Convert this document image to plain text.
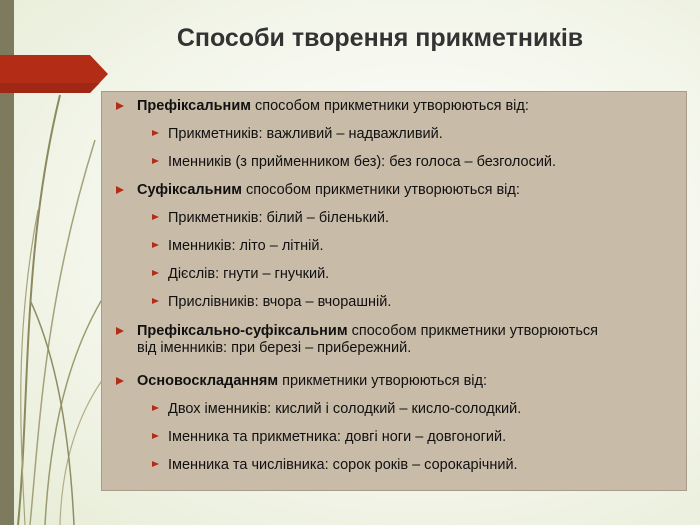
Способи творення прикметників
Префіксальним способом прикметники утворюються від:
Прикметників: важливий – надважливий.
Іменників (з прийменником без): без голоса – безголосий.
Суфіксальним способом прикметники утворюються від:
Прикметників: білий – біленький.
Іменників: літо – літній.
Дієслів: гнути – гнучкий.
Прислівників: вчора – вчорашній.
Префіксально-суфіксальним способом прикметники утворюються від іменників: при березі – прибережний.
Основоскладанням прикметники утворюються від:
Двох іменників: кислий і солодкий – кисло-солодкий.
Іменника та прикметника: довгі ноги – довгоногий.
Іменника та числівника: сорок років – сорокарічний.
